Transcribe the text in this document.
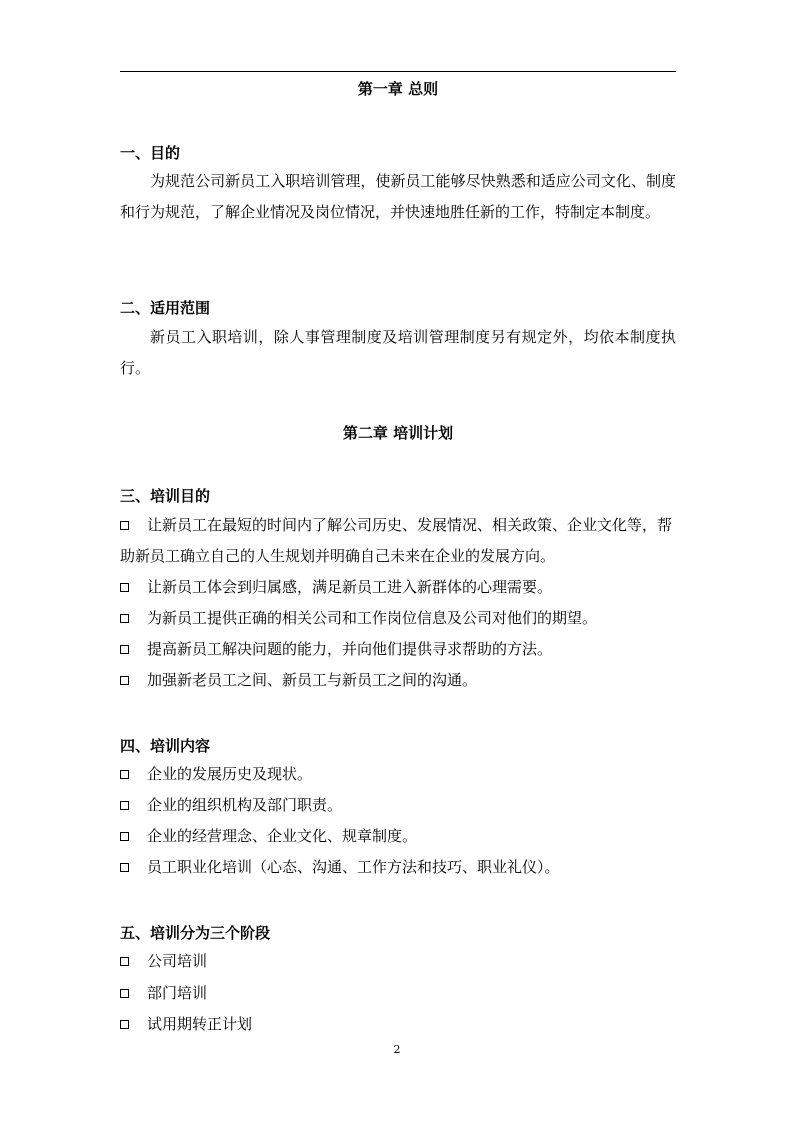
第一章 总则
一、目的
为规范公司新员工入职培训管理，使新员工能够尽快熟悉和适应公司文化、制度和行为规范，了解企业情况及岗位情况，并快速地胜任新的工作，特制定本制度。
二、适用范围
新员工入职培训，除人事管理制度及培训管理制度另有规定外，均依本制度执行。
第二章 培训计划
三、培训目的
让新员工在最短的时间内了解公司历史、发展情况、相关政策、企业文化等，帮助新员工确立自己的人生规划并明确自己未来在企业的发展方向。
让新员工体会到归属感，满足新员工进入新群体的心理需要。
为新员工提供正确的相关公司和工作岗位信息及公司对他们的期望。
提高新员工解决问题的能力，并向他们提供寻求帮助的方法。
加强新老员工之间、新员工与新员工之间的沟通。
四、培训内容
企业的发展历史及现状。
企业的组织机构及部门职责。
企业的经营理念、企业文化、规章制度。
员工职业化培训（心态、沟通、工作方法和技巧、职业礼仪）。
五、培训分为三个阶段
公司培训
部门培训
试用期转正计划
2
